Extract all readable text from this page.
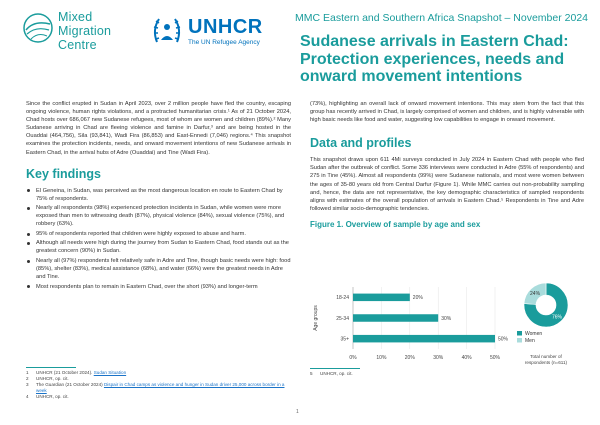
Mixed
Migration
Centre
UNHCR
The UN Refugee Agency
MMC Eastern and Southern Africa Snapshot – November 2024
Sudanese arrivals in Eastern Chad: Protection experiences, needs and onward movement intentions

Since the conflict erupted in Sudan in April 2023, over 2 million people have fled the country, escaping ongoing violence, human rights violations, and a protracted humanitarian crisis.¹ As of 21 October 2024, Chad hosts over 686,067 new Sudanese refugees, most of whom are women and children (89%).² Many Sudanese arriving in Chad are fleeing violence and famine in Darfur,³ and are being hosted in the Ouaddai (464,756), Sila (93,841), Wadi Fira (86,853) and East-Ennedi (7,046) regions.⁴ This snapshot examines the protection incidents, needs, and onward movement intentions of new Sudanese arrivals in Eastern Chad, in the arrival hubs of Adre (Ouaddai) and Tine (Wadi Fira).

Key findings
El Geneina, in Sudan, was perceived as the most dangerous location en route to Eastern Chad by 75% of respondents.
Nearly all respondents (98%) experienced protection incidents in Sudan, while women were more exposed than men to witnessing death (87%), physical violence (84%), sexual violence (75%), and robbery (63%).
95% of respondents reported that children were highly exposed to abuse and harm.
Although all needs were high during the journey from Sudan to Eastern Chad, food stands out as the greatest concern (90%) in Sudan.
Nearly all (97%) respondents felt relatively safe in Adre and Tine, though basic needs were high: food (85%), shelter (83%), medical assistance (68%), and water (66%) were the greatest needs in Adre and Tine.
Most respondents plan to remain in Eastern Chad, over the short (93%) and longer-term

(73%), highlighting an overall lack of onward movement intentions. This may stem from the fact that this group has recently arrived in Chad, is largely comprised of women and children, and is highly vulnerable with high basic needs like food and water, suggesting low capabilities to engage in onward movement.

Data and profiles

This snapshot draws upon 611 4Mi surveys conducted in July 2024 in Eastern Chad with people who fled Sudan after the outbreak of conflict. Some 336 interviews were conducted in Adre (55% of respondents) and 275 in Tine (45%). Almost all respondents (99%) were Sudanese nationals, and most were women between the ages of 35-80 years old from Central Darfur (Figure 1). While MMC carries out non-probability sampling and, hence, the data are not representative, the key demographic characteristics of sampled respondents aligns with estimates of the overall population of arrivals in Eastern Chad.⁵ Respondents in Tine and Adre followed similar socio-demographic tendencies.

Figure 1. Overview of sample by age and sex
0%	10%	20%	30%	40%	50%
Age groups
18-24	20%
25-34	30%
35+	50%
76%
24%
Women
Men
Total number of
respondents (n=611)
1	UNHCR (21 October 2024). Sudan Situation
2	UNHCR, op. cit.
3	The Guardian (21 October 2024) Dispair in Chad camps as violence and hunger in Sudan driver 25,000 across border in a week
4	UNHCR, op. cit.
5	UNHCR, op. cit.
1
